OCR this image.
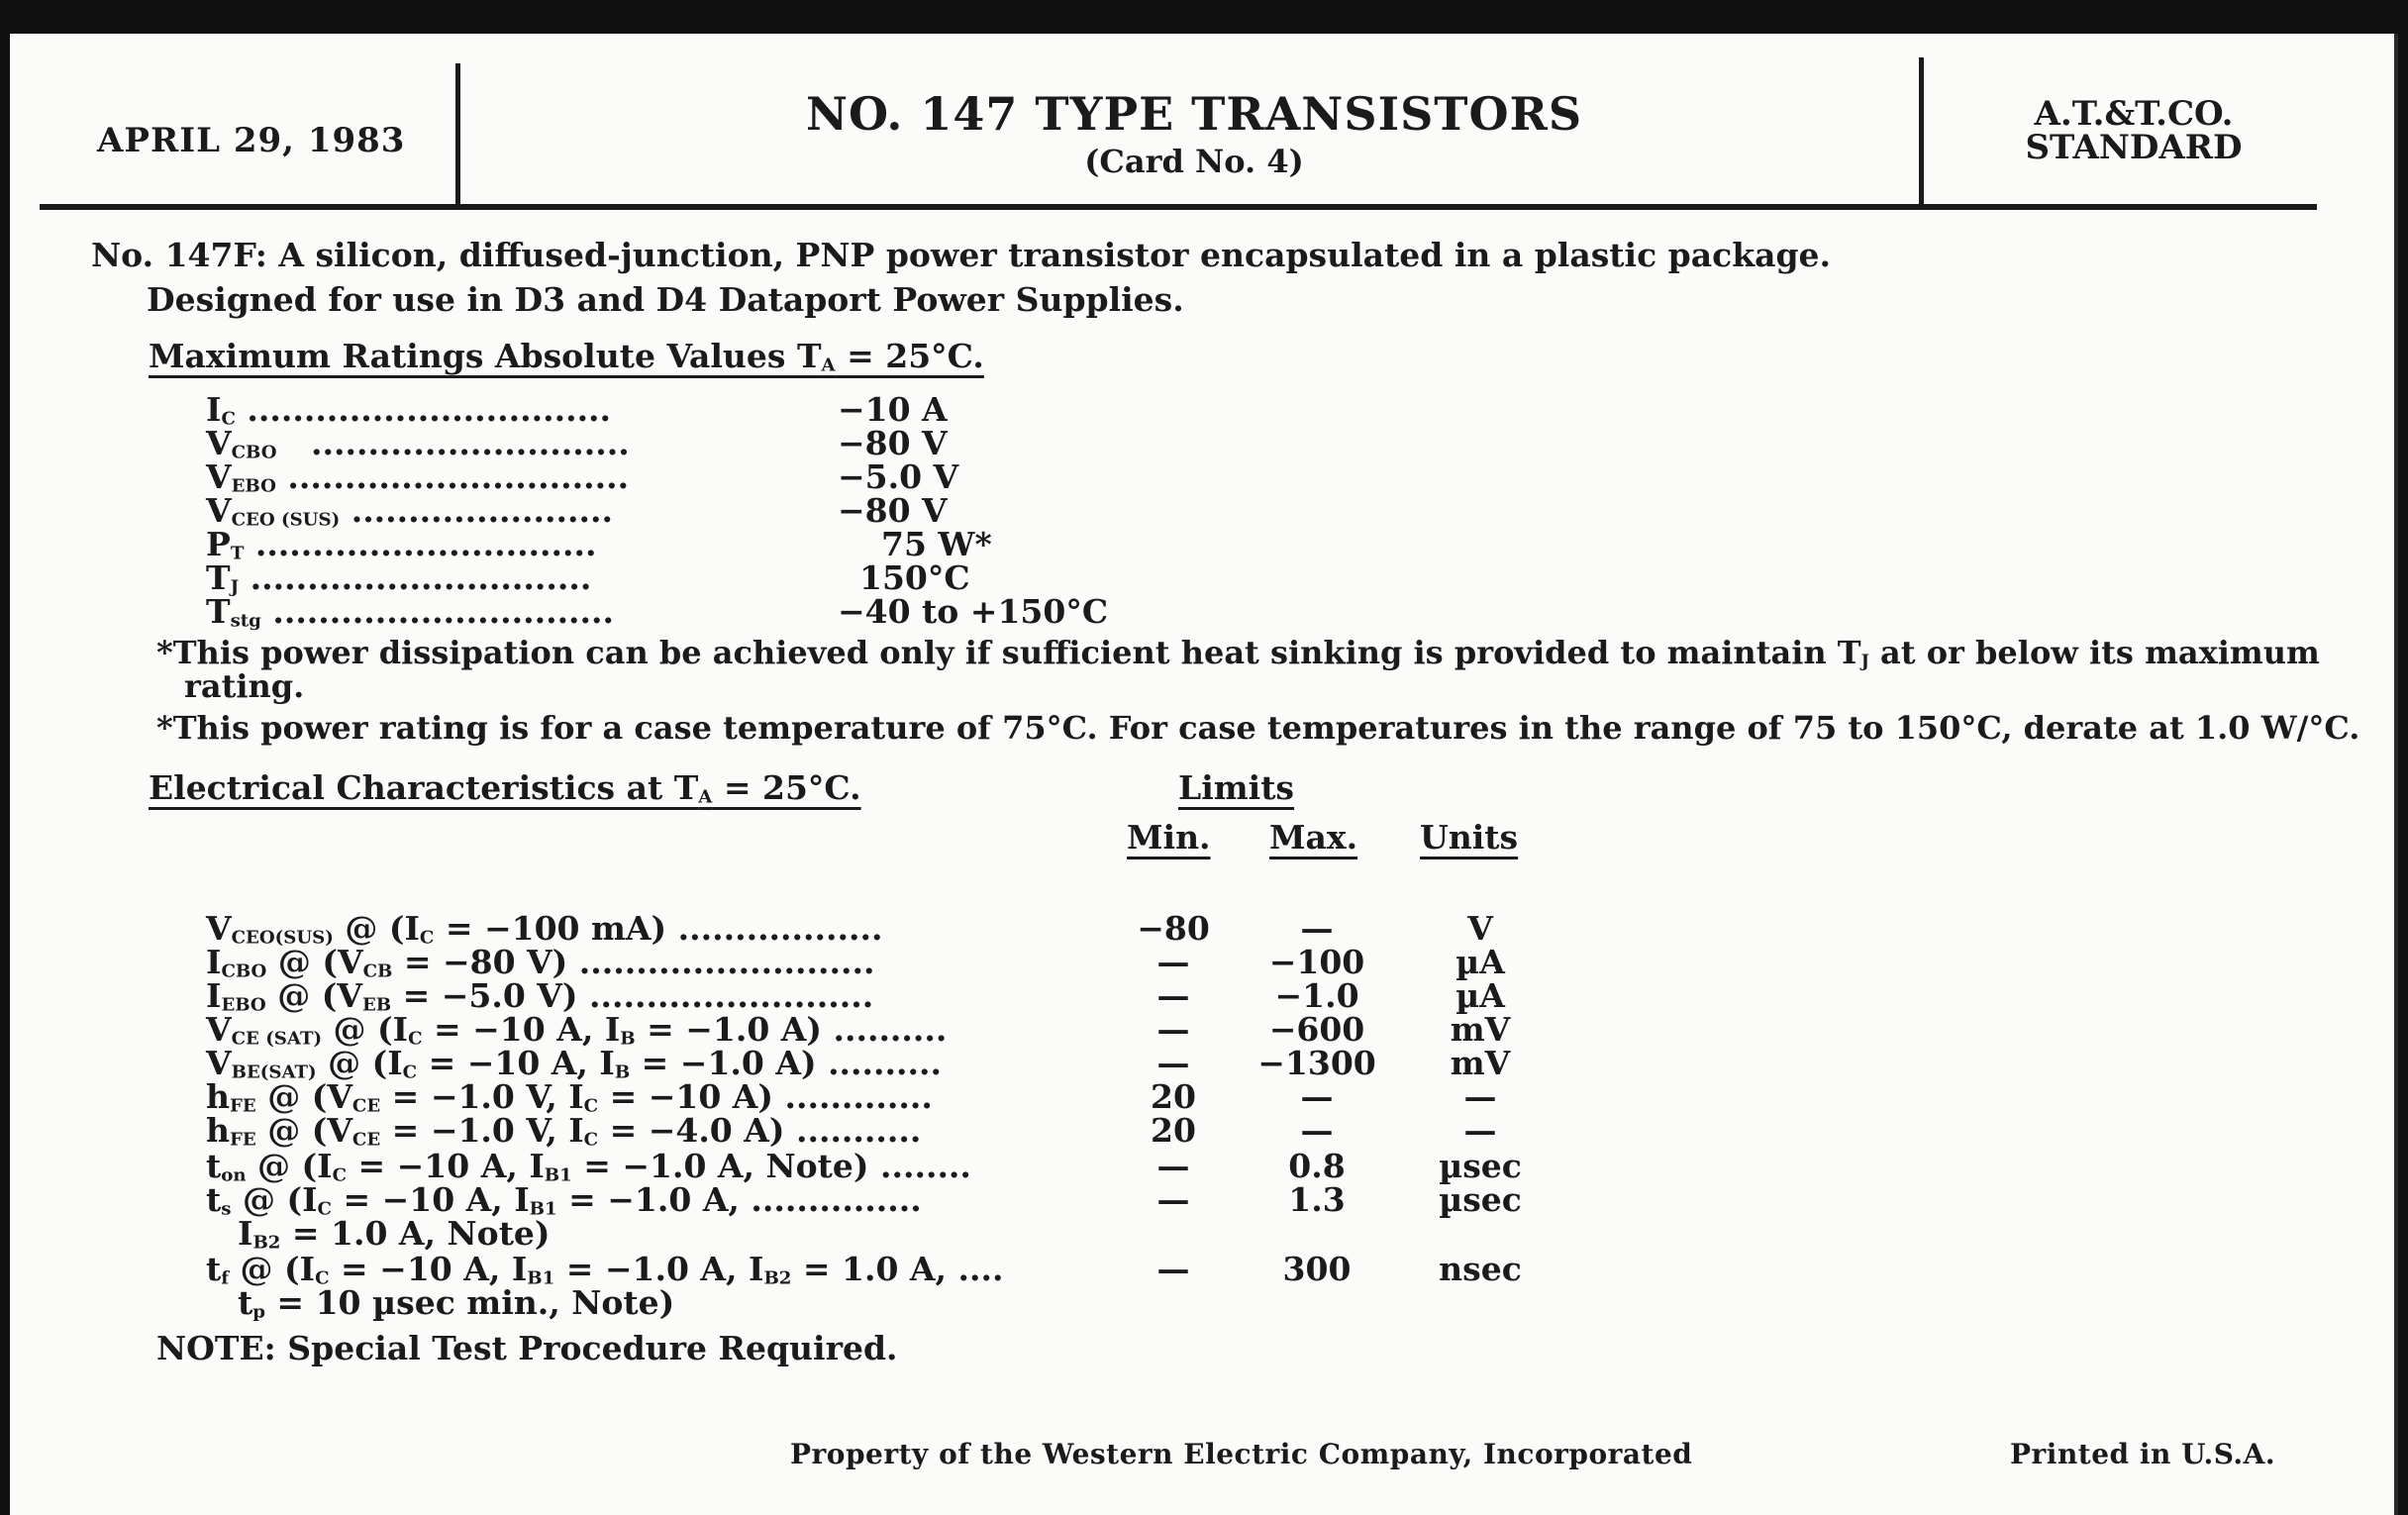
APRIL 29, 1983	NO. 147 TYPE TRANSISTORS
(Card No. 4)
A.T.&T.CO.
STANDARD
No. 147F: A silicon, diffused-junction, PNP power transistor encapsulated in a plastic package.
Designed for use in D3 and D4 Dataport Power Supplies.
Maximum Ratings Absolute Values $T_A = 25^\circ C$.
$I_C$ ................................	−10 A
$V_{CBO}$ ............................	−80 V
$V_{EBO}$ ..............................	−5.0 V
$V_{CEO}$ $_{(SUS)}$ .......................	−80 V
$P_T$ ..............................	75 W*
$T_J$ ..............................	150°C
$T_{stg}$ ..............................	−40 to +150°C
*This power dissipation can be achieved only if sufficient heat sinking is provided to maintain TJ at or below its maximum
rating.
*This power rating is for a case temperature of 75°C. For case temperatures in the range of 75 to 150°C, derate at 1.0 W/°C.
Electrical Characteristics at $T_A = 25^\circ C$.	Limits
Min. Max. Units
$V_{CEO(SUS)}$ @ ($I_C = -100$ mA) ..................	−80	—	V
$I_{CBO}$ @ ($V_{CB} = -80$ V) ..........................	—	−100	µA
$I_{EBO}$ @ ($V_{EB} = -5.0$ V) .........................	—	−1.0	µA
$V_{CE (SAT)}$ @ ($I_C = -10$ A, $I_B = -1.0$ A) ..........	—	−600	mV
$V_{BE(SAT)}$ @ ($I_C = -10$ A, $I_B = -1.0$ A) ..........	—	−1300	mV
$h_{FE}$ @ ($V_{CE} = -1.0$ V, $I_C = -10$ A) .............	20	—	—
$h_{FE}$ @ ($V_{CE} = -1.0$ V, $I_C = -4.0$ A) ...........	20	—	—
$t_{on}$ @ ($I_C = -10$ A, $I_{B1} = -1.0$ A, Note) ........	—	0.8	µsec
$t_s$ @ ($I_C = -10$ A, $I_{B1} = -1.0$ A, ...............	—	1.3	µsec
$I_{B2} = 1.0$ A, Note)
$t_f$ @ ($I_C = -10$ A, $I_{B1} = -1.0$ A, $I_{B2} = 1.0$ A, ....	—	300	nsec
$t_p = 10$ µsec min., Note)
NOTE: Special Test Procedure Required.
Property of the Western Electric Company, Incorporated	Printed in U.S.A.
